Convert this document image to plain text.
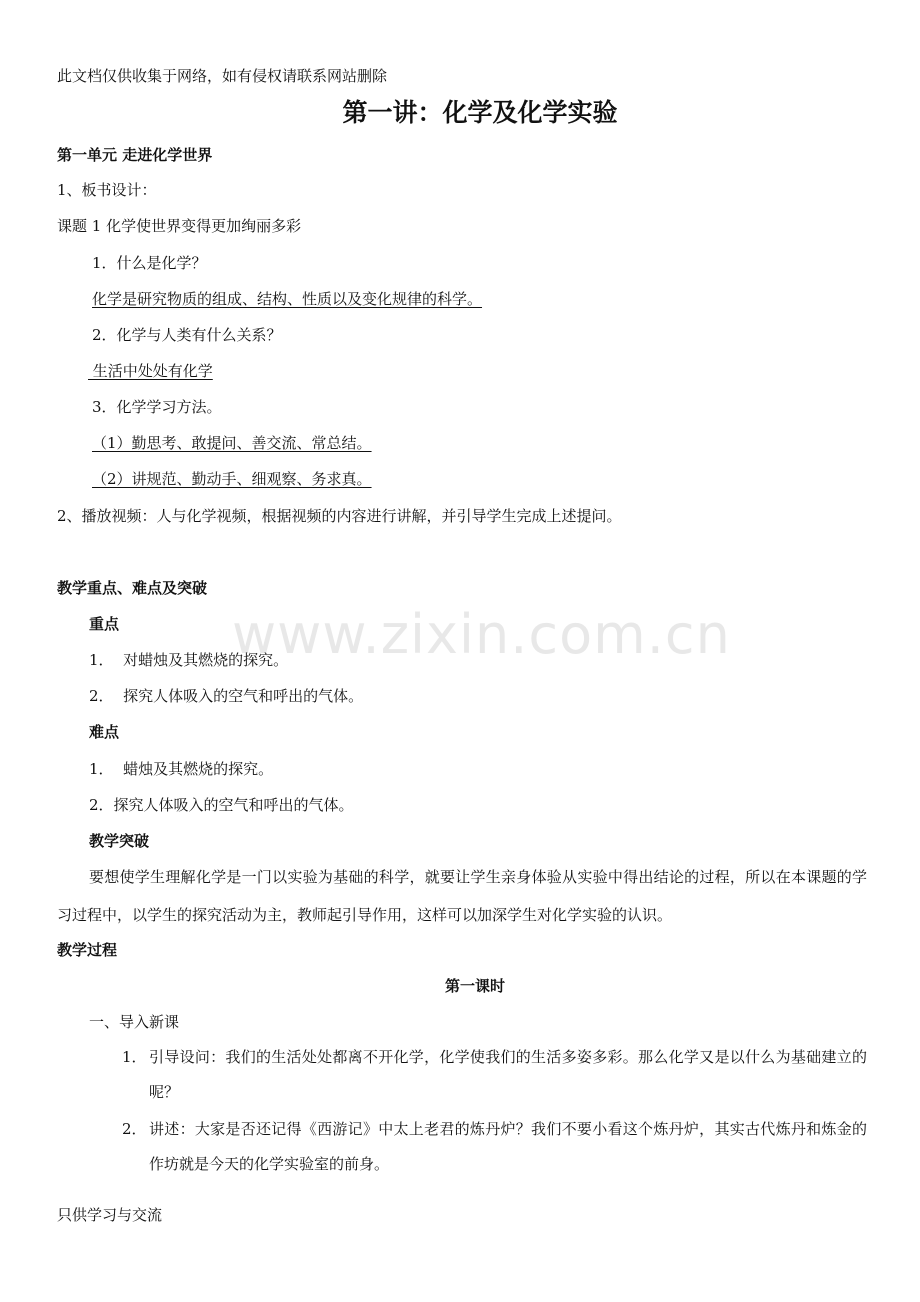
www.zixin.com.cn
此文档仅供收集于网络，如有侵权请联系网站删除
第一讲：化学及化学实验
第一单元 走进化学世界
1、板书设计：
课题 1 化学使世界变得更加绚丽多彩
1．什么是化学？
化学是研究物质的组成、结构、性质以及变化规律的科学。
2．化学与人类有什么关系？
生活中处处有化学
3．化学学习方法。
（1）勤思考、敢提问、善交流、常总结。
（2）讲规范、勤动手、细观察、务求真。
2、播放视频：人与化学视频，根据视频的内容进行讲解，并引导学生完成上述提问。
教学重点、难点及突破
重点
1．  对蜡烛及其燃烧的探究。
2．  探究人体吸入的空气和呼出的气体。
难点
1．  蜡烛及其燃烧的探究。
2．探究人体吸入的空气和呼出的气体。
教学突破
要想使学生理解化学是一门以实验为基础的科学，就要让学生亲身体验从实验中得出结论的过程，所以在本课题的学习过程中，以学生的探究活动为主，教师起引导作用，这样可以加深学生对化学实验的认识。
教学过程
第一课时
一、导入新课
1． 引导设问：我们的生活处处都离不开化学，化学使我们的生活多姿多彩。那么化学又是以什么为基础建立的呢？
2． 讲述：大家是否还记得《西游记》中太上老君的炼丹炉？我们不要小看这个炼丹炉，其实古代炼丹和炼金的作坊就是今天的化学实验室的前身。
只供学习与交流
